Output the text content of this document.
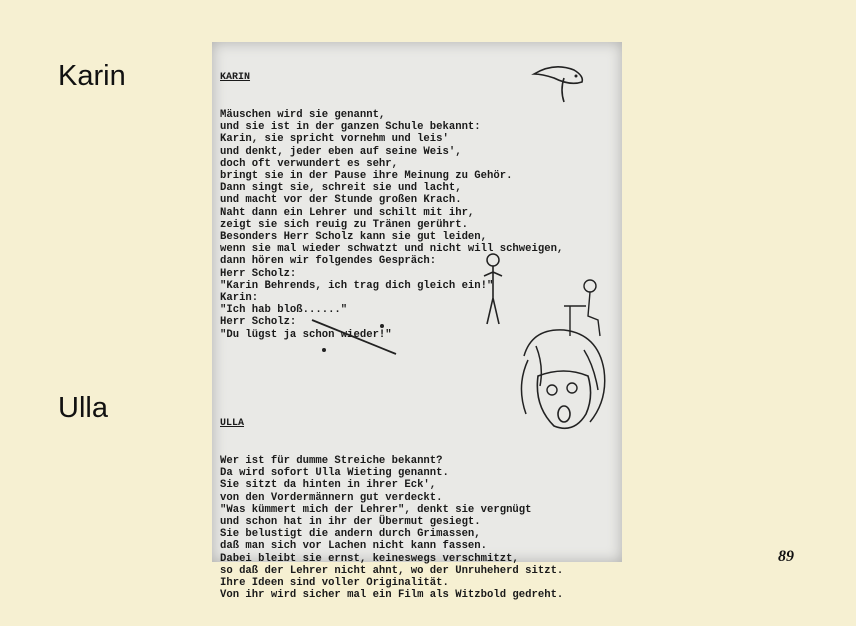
Karin
Ulla

KARIN

Mäuschen wird sie genannt,
und sie ist in der ganzen Schule bekannt:
Karin, sie spricht vornehm und leis'
und denkt, jeder eben auf seine Weis',
doch oft verwundert es sehr,
bringt sie in der Pause ihre Meinung zu Gehör.
Dann singt sie, schreit sie und lacht,
und macht vor der Stunde großen Krach.
Naht dann ein Lehrer und schilt mit ihr,
zeigt sie sich reuig zu Tränen gerührt.
Besonders Herr Scholz kann sie gut leiden,
wenn sie mal wieder schwatzt und nicht will schweigen,
dann hören wir folgendes Gespräch:
Herr Scholz:
"Karin Behrends, ich trag dich gleich ein!"
Karin:
"Ich hab bloß......"
Herr Scholz:
"Du lügst ja schon wieder!"

ULLA

Wer ist für dumme Streiche bekannt?
Da wird sofort Ulla Wieting genannt.
Sie sitzt da hinten in ihrer Eck',
von den Vordermännern gut verdeckt.
"Was kümmert mich der Lehrer", denkt sie vergnügt
und schon hat in ihr der Übermut gesiegt.
Sie belustigt die andern durch Grimassen,
daß man sich vor Lachen nicht kann fassen.
Dabei bleibt sie ernst, keineswegs verschmitzt,
so daß der Lehrer nicht ahnt, wo der Unruheherd sitzt.
Ihre Ideen sind voller Originalität.
Von ihr wird sicher mal ein Film als Witzbold gedreht.

89
